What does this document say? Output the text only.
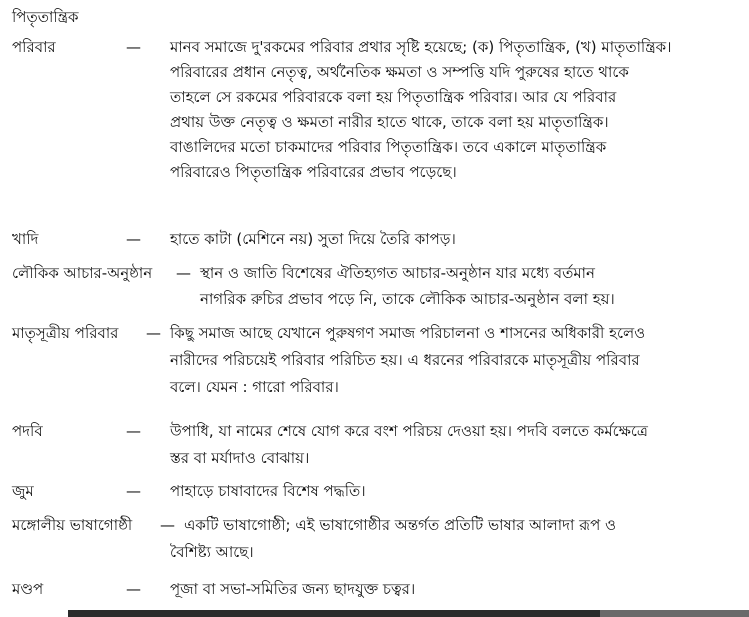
পিতৃতান্ত্রিক
পরিবার	— মানব সমাজে দু'রকমের পরিবার প্রথার সৃষ্টি হয়েছে; (ক) পিতৃতান্ত্রিক, (খ) মাতৃতান্ত্রিক।
পরিবারের প্রধান নেতৃত্ব, অর্থনৈতিক ক্ষমতা ও সম্পত্তি যদি পুরুষের হাতে থাকে
তাহলে সে রকমের পরিবারকে বলা হয় পিতৃতান্ত্রিক পরিবার। আর যে পরিবার
প্রথায় উক্ত নেতৃত্ব ও ক্ষমতা নারীর হাতে থাকে, তাকে বলা হয় মাতৃতান্ত্রিক।
বাঙালিদের মতো চাকমাদের পরিবার পিতৃতান্ত্রিক। তবে একালে মাতৃতান্ত্রিক
পরিবারেও পিতৃতান্ত্রিক পরিবারের প্রভাব পড়েছে।
খাদি	— হাতে কাটা (মেশিনে নয়) সুতা দিয়ে তৈরি কাপড়।
লৌকিক আচার-অনুষ্ঠান — স্থান ও জাতি বিশেষের ঐতিহ্যগত আচার-অনুষ্ঠান যার মধ্যে বর্তমান
নাগরিক রুচির প্রভাব পড়ে নি, তাকে লৌকিক আচার-অনুষ্ঠান বলা হয়।
মাতৃসূত্রীয় পরিবার — কিছু সমাজ আছে যেখানে পুরুষগণ সমাজ পরিচালনা ও শাসনের অধিকারী হলেও
নারীদের পরিচয়েই পরিবার পরিচিত হয়। এ ধরনের পরিবারকে মাতৃসূত্রীয় পরিবার
বলে। যেমন : গারো পরিবার।
পদবি	— উপাধি, যা নামের শেষে যোগ করে বংশ পরিচয় দেওয়া হয়। পদবি বলতে কর্মক্ষেত্রে
স্তর বা মর্যাদাও বোঝায়।
জুম	— পাহাড়ে চাষাবাদের বিশেষ পদ্ধতি।
মঙ্গোলীয় ভাষাগোষ্ঠী — একটি ভাষাগোষ্ঠী; এই ভাষাগোষ্ঠীর অন্তর্গত প্রতিটি ভাষার আলাদা রূপ ও
বৈশিষ্ট্য আছে।
মণ্ডপ	— পূজা বা সভা-সমিতির জন্য ছাদযুক্ত চত্বর।
